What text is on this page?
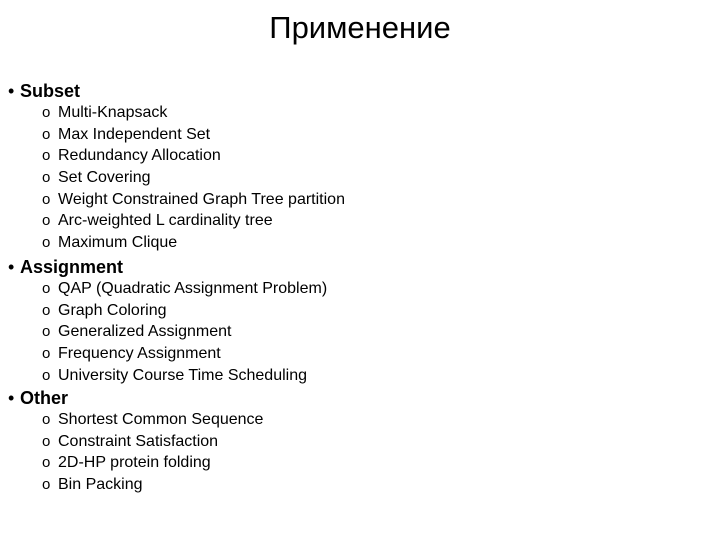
Применение
• Subset
o Multi-Knapsack
o Max Independent Set
o Redundancy Allocation
o Set Covering
o Weight Constrained Graph Tree partition
o Arc-weighted L cardinality tree
o Maximum Clique
• Assignment
o QAP (Quadratic Assignment Problem)
o Graph Coloring
o Generalized Assignment
o Frequency Assignment
o University Course Time Scheduling
• Other
o Shortest Common Sequence
o Constraint Satisfaction
o 2D-HP protein folding
o Bin Packing
